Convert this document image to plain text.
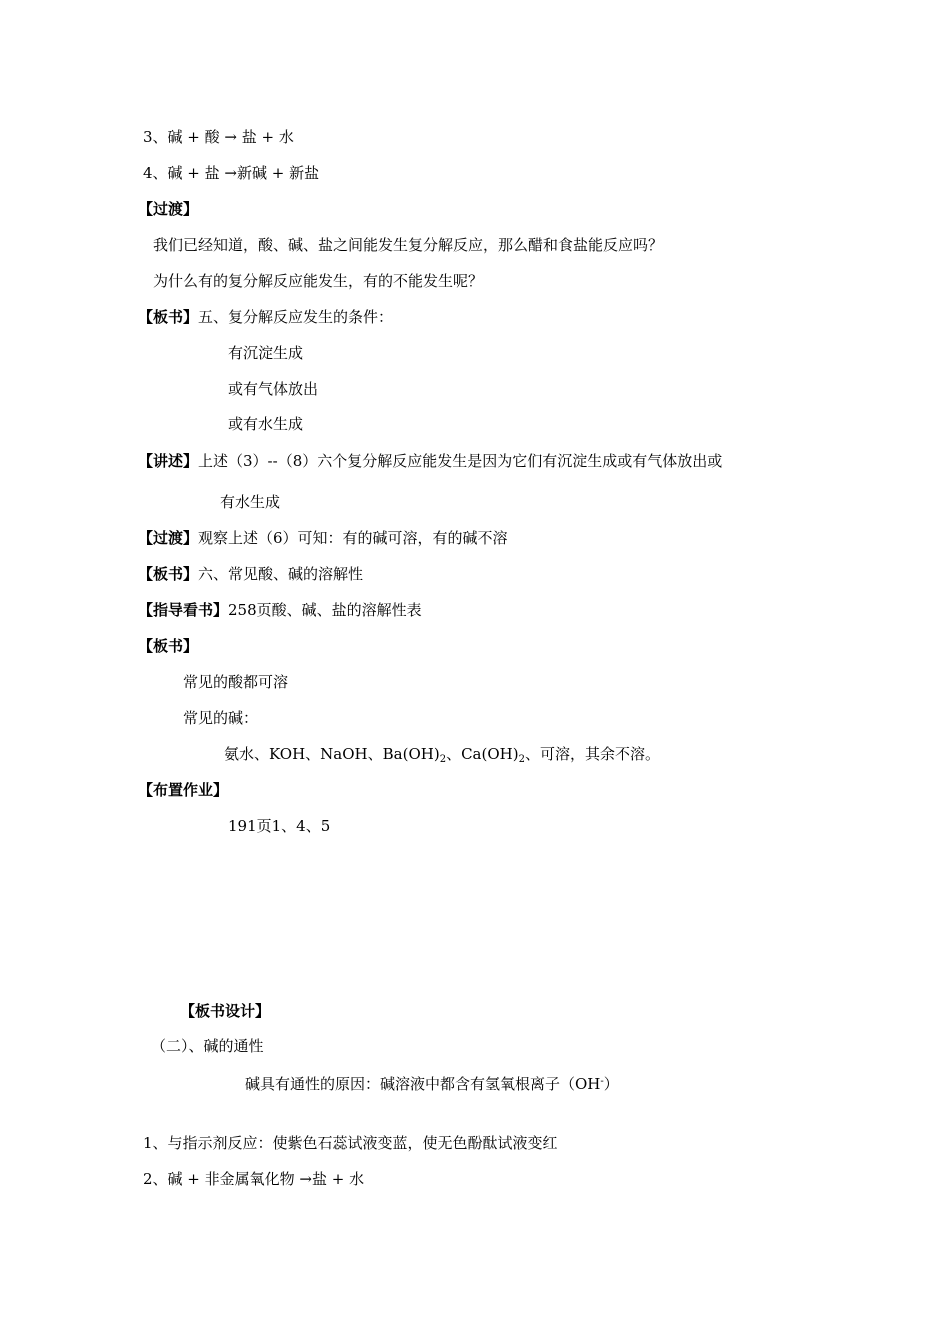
3、碱 + 酸 → 盐 + 水
4、碱 + 盐 →新碱 + 新盐
【过渡】
我们已经知道，酸、碱、盐之间能发生复分解反应，那么醋和食盐能反应吗？
为什么有的复分解反应能发生，有的不能发生呢？
【板书】五、复分解反应发生的条件：
有沉淀生成
或有气体放出
或有水生成
【讲述】上述（3）--（8）六个复分解反应能发生是因为它们有沉淀生成或有气体放出或
有水生成
【过渡】观察上述（6）可知：有的碱可溶，有的碱不溶
【板书】六、常见酸、碱的溶解性
【指导看书】258页酸、碱、盐的溶解性表
【板书】
常见的酸都可溶
常见的碱：
氨水、KOH、NaOH、$Ba(OH)_2$、$Ca(OH)_2$、可溶，其余不溶。
【布置作业】
191页1、4、5
【板书设计】
（二）、碱的通性
碱具有通性的原因：碱溶液中都含有氢氧根离子（OH-）
1、与指示剂反应：使紫色石蕊试液变蓝，使无色酚酞试液变红
2、碱 + 非金属氧化物 →盐 + 水
